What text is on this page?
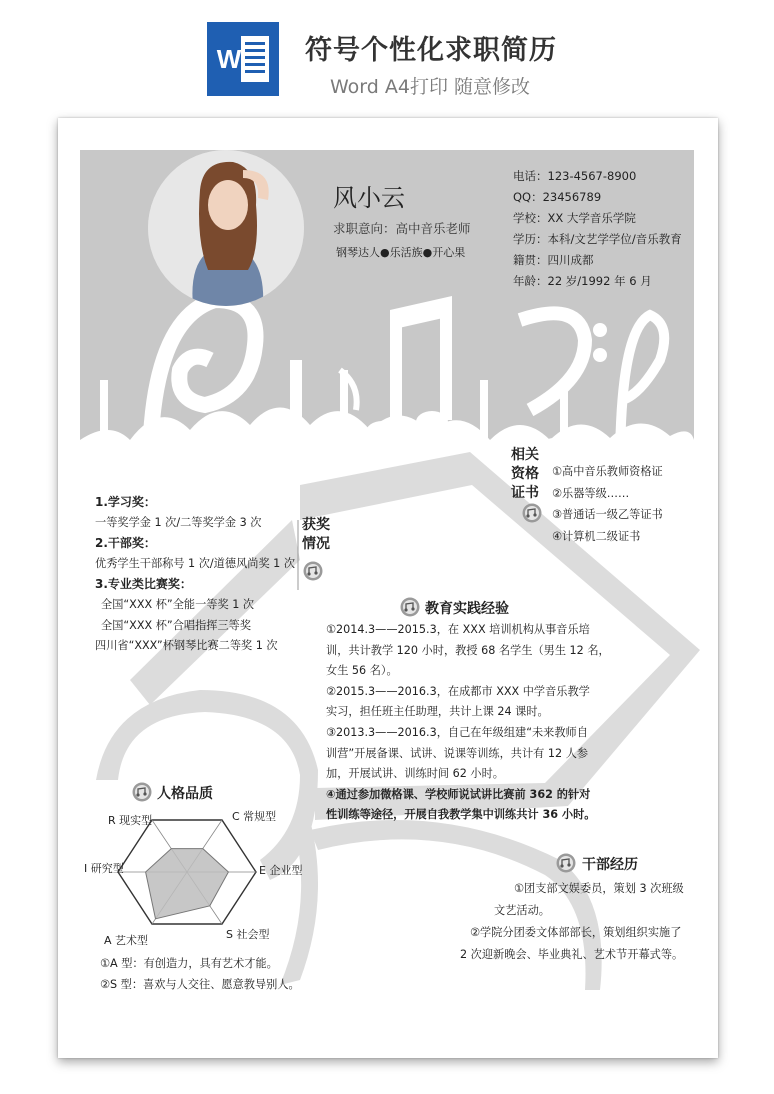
W 符号个性化求职简历
Word A4打印 随意修改
风小云
求职意向：高中音乐老师
钢琴达人●乐活族●开心果
电话：123-4567-8900
QQ：23456789
学校：XX 大学音乐学院
学历：本科/文艺学学位/音乐教育
籍贯：四川成都
年龄：22 岁/1992 年 6 月
1.学习奖：
一等奖学金 1 次/二等奖学金 3 次
2.干部奖：
优秀学生干部称号 1 次/道德风尚奖 1 次
3.专业类比赛奖：
全国“XXX 杯”全能一等奖 1 次
全国“XXX 杯”合唱指挥三等奖
四川省“XXX”杯钢琴比赛二等奖 1 次
获奖
情况
相关
资格
证书
①高中音乐教师资格证
②乐器等级……
③普通话一级乙等证书
④计算机二级证书
教育实践经验
①2014.3——2015.3，在 XXX 培训机构从事音乐培
训，共计教学 120 小时，教授 68 名学生（男生 12 名，
女生 56 名）。
②2015.3——2016.3，在成都市 XXX 中学音乐教学
实习，担任班主任助理，共计上课 24 课时。
③2013.3——2016.3，自己在年级组建“未来教师自
训营”开展备课、试讲、说课等训练，共计有 12 人参
加，开展试讲、训练时间 62 小时。
④通过参加微格课、学校师说试讲比赛前 362 的针对
性训练等途径，开展自我教学集中训练共计 36 小时。
人格品质
R 现实型	C 常规型
I 研究型	E 企业型
A 艺术型	S 社会型
①A 型：有创造力，具有艺术才能。
②S 型：喜欢与人交往、愿意教导别人。
干部经历
①团支部文娱委员，策划 3 次班级
文艺活动。
②学院分团委文体部部长，策划组织实施了
2 次迎新晚会、毕业典礼、艺术节开幕式等。
